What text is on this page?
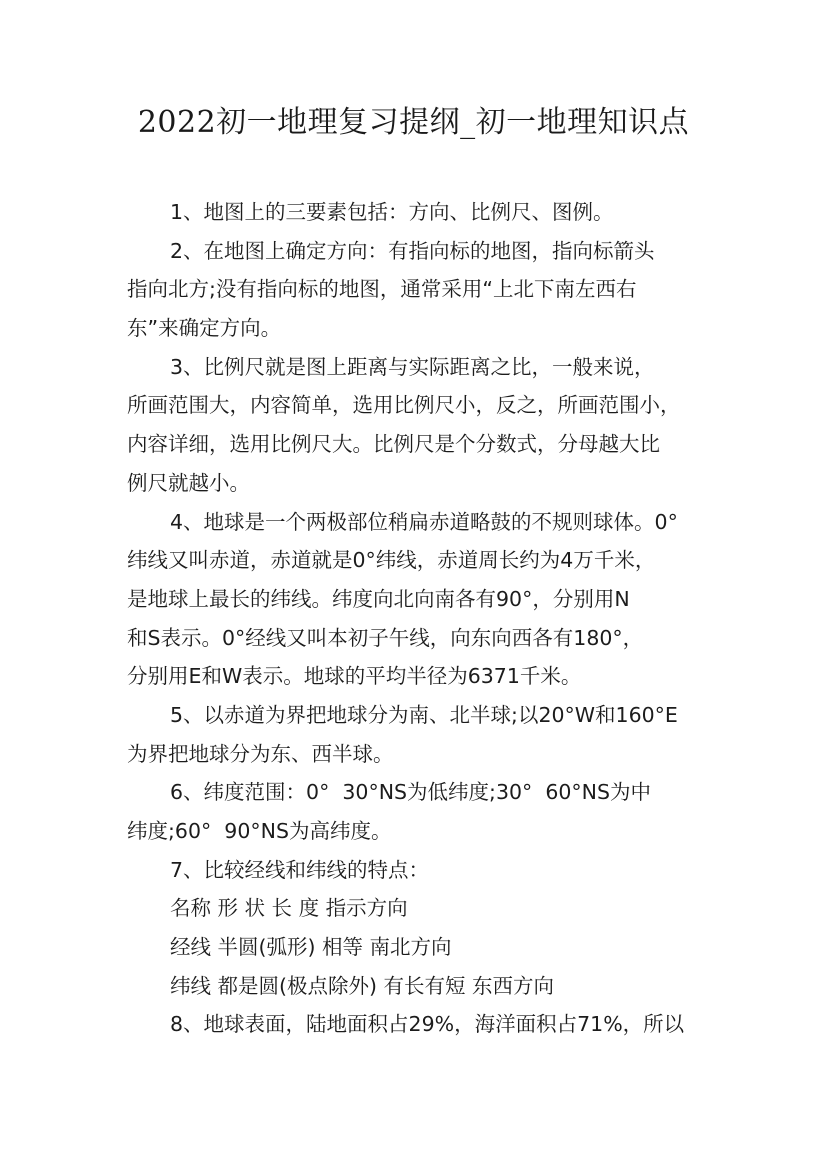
2022初一地理复习提纲_初一地理知识点
1、地图上的三要素包括：方向、比例尺、图例。
2、在地图上确定方向：有指向标的地图，指向标箭头
指向北方;没有指向标的地图，通常采用“上北下南左西右
东”来确定方向。
3、比例尺就是图上距离与实际距离之比，一般来说，
所画范围大，内容简单，选用比例尺小，反之，所画范围小，
内容详细，选用比例尺大。比例尺是个分数式，分母越大比
例尺就越小。
4、地球是一个两极部位稍扁赤道略鼓的不规则球体。0°
纬线又叫赤道，赤道就是0°纬线，赤道周长约为4万千米，
是地球上最长的纬线。纬度向北向南各有90°，分别用N
和S表示。0°经线又叫本初子午线，向东向西各有180°，
分别用E和W表示。地球的平均半径为6371千米。
5、以赤道为界把地球分为南、北半球;以20°W和160°E
为界把地球分为东、西半球。
6、纬度范围：0°  30°NS为低纬度;30°  60°NS为中
纬度;60°  90°NS为高纬度。
7、比较经线和纬线的特点：
名称 形 状 长 度 指示方向
经线 半圆(弧形) 相等 南北方向
纬线 都是圆(极点除外) 有长有短 东西方向
8、地球表面，陆地面积占29%，海洋面积占71%，所以
